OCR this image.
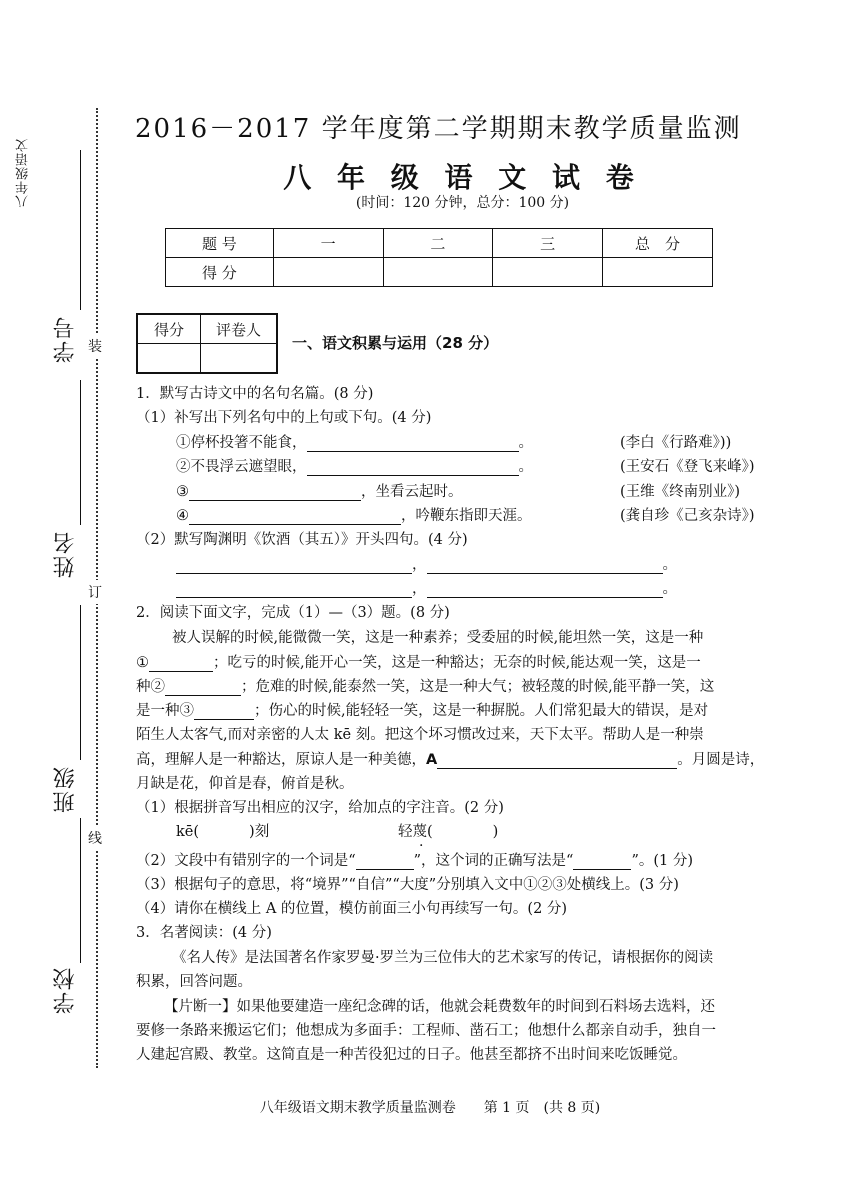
八年级语文
学号
姓名
班级
学校
装
订
线
2016－2017 学年度第二学期期末教学质量监测
八 年 级 语 文 试 卷
(时间：120 分钟，总分：100 分)
题 号	一	二	三	总　分
得 分				
得分	评卷人

一、语文积累与运用（28 分）
1．默写古诗文中的名句名篇。(8 分)
（1）补写出下列名句中的上句或下句。(4 分)
①停杯投箸不能食，	。	(李白《行路难》))
②不畏浮云遮望眼，	。	(王安石《登飞来峰》)
③	，坐看云起时。	(王维《终南别业》)
④	，吟鞭东指即天涯。	(龚自珍《己亥杂诗》)
（2）默写陶渊明《饮酒（其五）》开头四句。(4 分)
，	。
，	。
2．阅读下面文字，完成（1）—（3）题。(8 分)
被人误解的时候,能微微一笑，这是一种素养；受委屈的时候,能坦然一笑，这是一种
①	；吃亏的时候,能开心一笑，这是一种豁达；无奈的时候,能达观一笑，这是一
种②	；危难的时候,能泰然一笑，这是一种大气；被轻蔑的时候,能平静一笑，这
是一种③	；伤心的时候,能轻轻一笑，这是一种摒脱。人们常犯最大的错误，是对
陌生人太客气,而对亲密的人太 kē 刻。把这个坏习惯改过来，天下太平。帮助人是一种崇
高，理解人是一种豁达，原谅人是一种美德，A	。月圆是诗，
月缺是花，仰首是春，俯首是秋。
（1）根据拼音写出相应的汉字，给加点的字注音。(2 分)
kē(	)刻	轻蔑(	)
（2）文段中有错别字的一个词是“	”，这个词的正确写法是“	”。(1 分)
（3）根据句子的意思，将“境界”“自信”“大度”分别填入文中①②③处横线上。(3 分)
（4）请你在横线上 A 的位置，模仿前面三小句再续写一句。(2 分)
3．名著阅读：(4 分)
《名人传》是法国著名作家罗曼·罗兰为三位伟大的艺术家写的传记，请根据你的阅读
积累，回答问题。
【片断一】如果他要建造一座纪念碑的话，他就会耗费数年的时间到石料场去选料，还
要修一条路来搬运它们；他想成为多面手：工程师、凿石工；他想什么都亲自动手，独自一
人建起宫殿、教堂。这简直是一种苦役犯过的日子。他甚至都挤不出时间来吃饭睡觉。
八年级语文期末教学质量监测卷　　第 1 页　(共 8 页)
